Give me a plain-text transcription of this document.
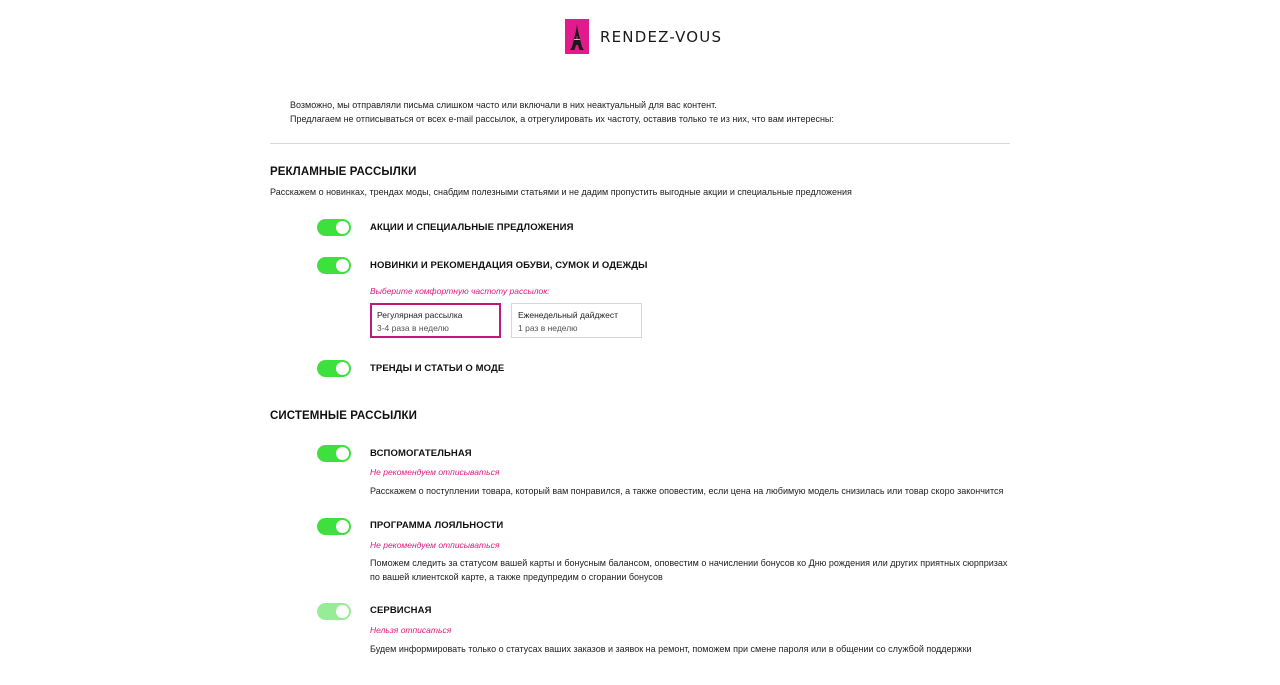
RENDEZ-VOUS

Возможно, мы отправляли письма слишком часто или включали в них неактуальный для вас контент.

Предлагаем не отписываться от всех e-mail рассылок, а отрегулировать их частоту, оставив только те из них, что вам интересны:

РЕКЛАМНЫЕ РАССЫЛКИ
Расскажем о новинках, трендах моды, снабдим полезными статьями и не дадим пропустить выгодные акции и специальные предложения
АКЦИИ И СПЕЦИАЛЬНЫЕ ПРЕДЛОЖЕНИЯ
НОВИНКИ И РЕКОМЕНДАЦИЯ ОБУВИ, СУМОК И ОДЕЖДЫ
Выберите комфортную частоту рассылок:
Регулярная рассылка
3-4 раза в неделю
Еженедельный дайджест
1 раз в неделю
ТРЕНДЫ И СТАТЬИ О МОДЕ
СИСТЕМНЫЕ РАССЫЛКИ
ВСПОМОГАТЕЛЬНАЯ
Не рекомендуем отписываться
Расскажем о поступлении товара, который вам понравился, а также оповестим, если цена на любимую модель снизилась или товар скоро закончится
ПРОГРАММА ЛОЯЛЬНОСТИ
Не рекомендуем отписываться
Поможем следить за статусом вашей карты и бонусным балансом, оповестим о начислении бонусов ко Дню рождения или других приятных сюрпризах по вашей клиентской карте, а также предупредим о сгорании бонусов
СЕРВИСНАЯ
Нельзя отписаться
Будем информировать только о статусах ваших заказов и заявок на ремонт, поможем при смене пароля или в общении со службой поддержки
